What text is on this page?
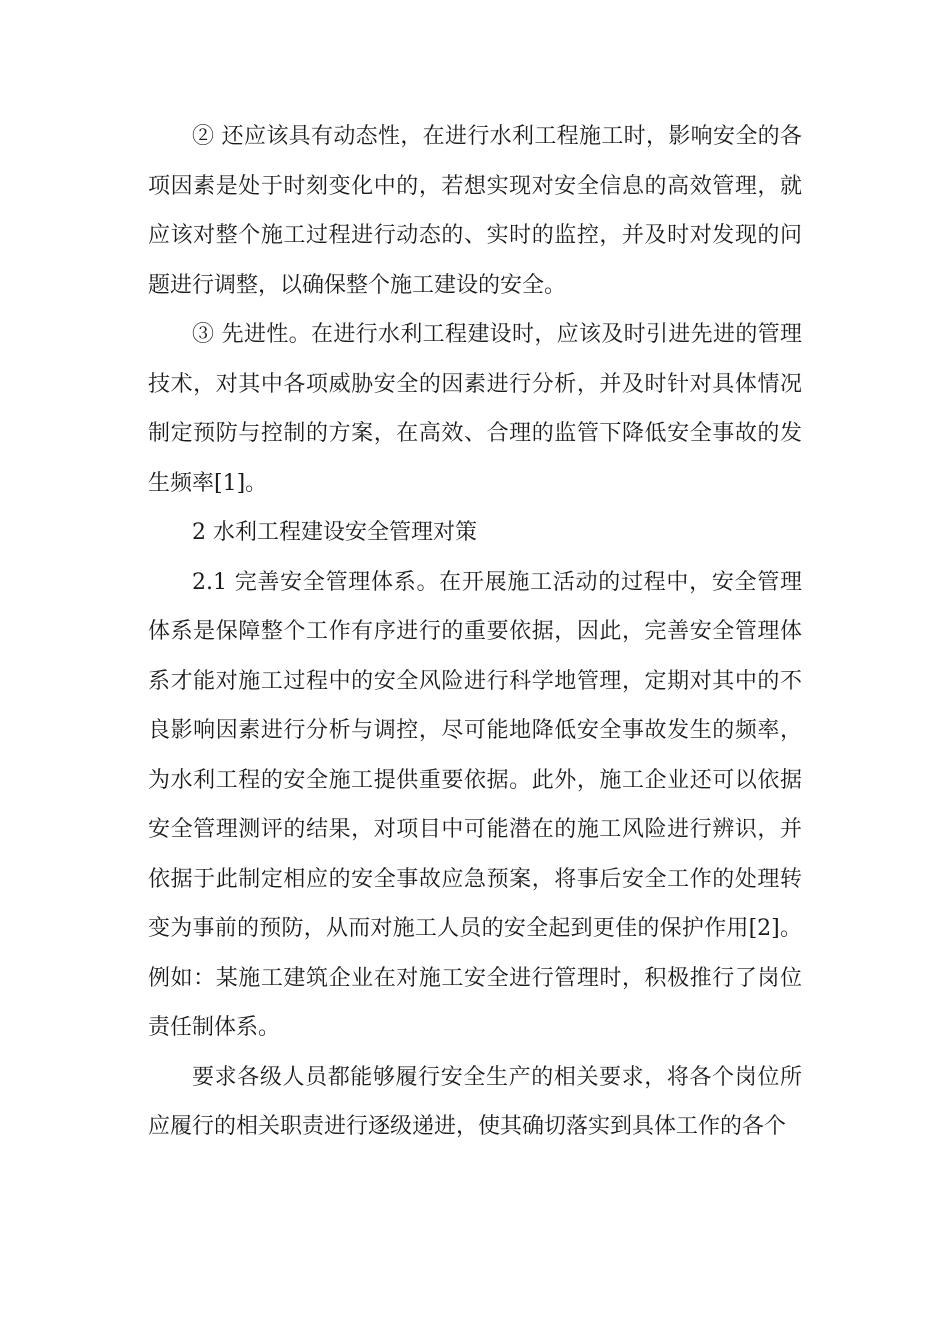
② 还应该具有动态性，在进行水利工程施工时，影响安全的各项因素是处于时刻变化中的，若想实现对安全信息的高效管理，就应该对整个施工过程进行动态的、实时的监控，并及时对发现的问题进行调整，以确保整个施工建设的安全。

③ 先进性。在进行水利工程建设时，应该及时引进先进的管理技术，对其中各项威胁安全的因素进行分析，并及时针对具体情况制定预防与控制的方案，在高效、合理的监管下降低安全事故的发生频率[1]。

2 水利工程建设安全管理对策

2.1 完善安全管理体系。在开展施工活动的过程中，安全管理体系是保障整个工作有序进行的重要依据，因此，完善安全管理体系才能对施工过程中的安全风险进行科学地管理，定期对其中的不良影响因素进行分析与调控，尽可能地降低安全事故发生的频率，为水利工程的安全施工提供重要依据。此外，施工企业还可以依据安全管理测评的结果，对项目中可能潜在的施工风险进行辨识，并依据于此制定相应的安全事故应急预案，将事后安全工作的处理转变为事前的预防，从而对施工人员的安全起到更佳的保护作用[2]。例如：某施工建筑企业在对施工安全进行管理时，积极推行了岗位责任制体系。

要求各级人员都能够履行安全生产的相关要求，将各个岗位所应履行的相关职责进行逐级递进，使其确切落实到具体工作的各个
